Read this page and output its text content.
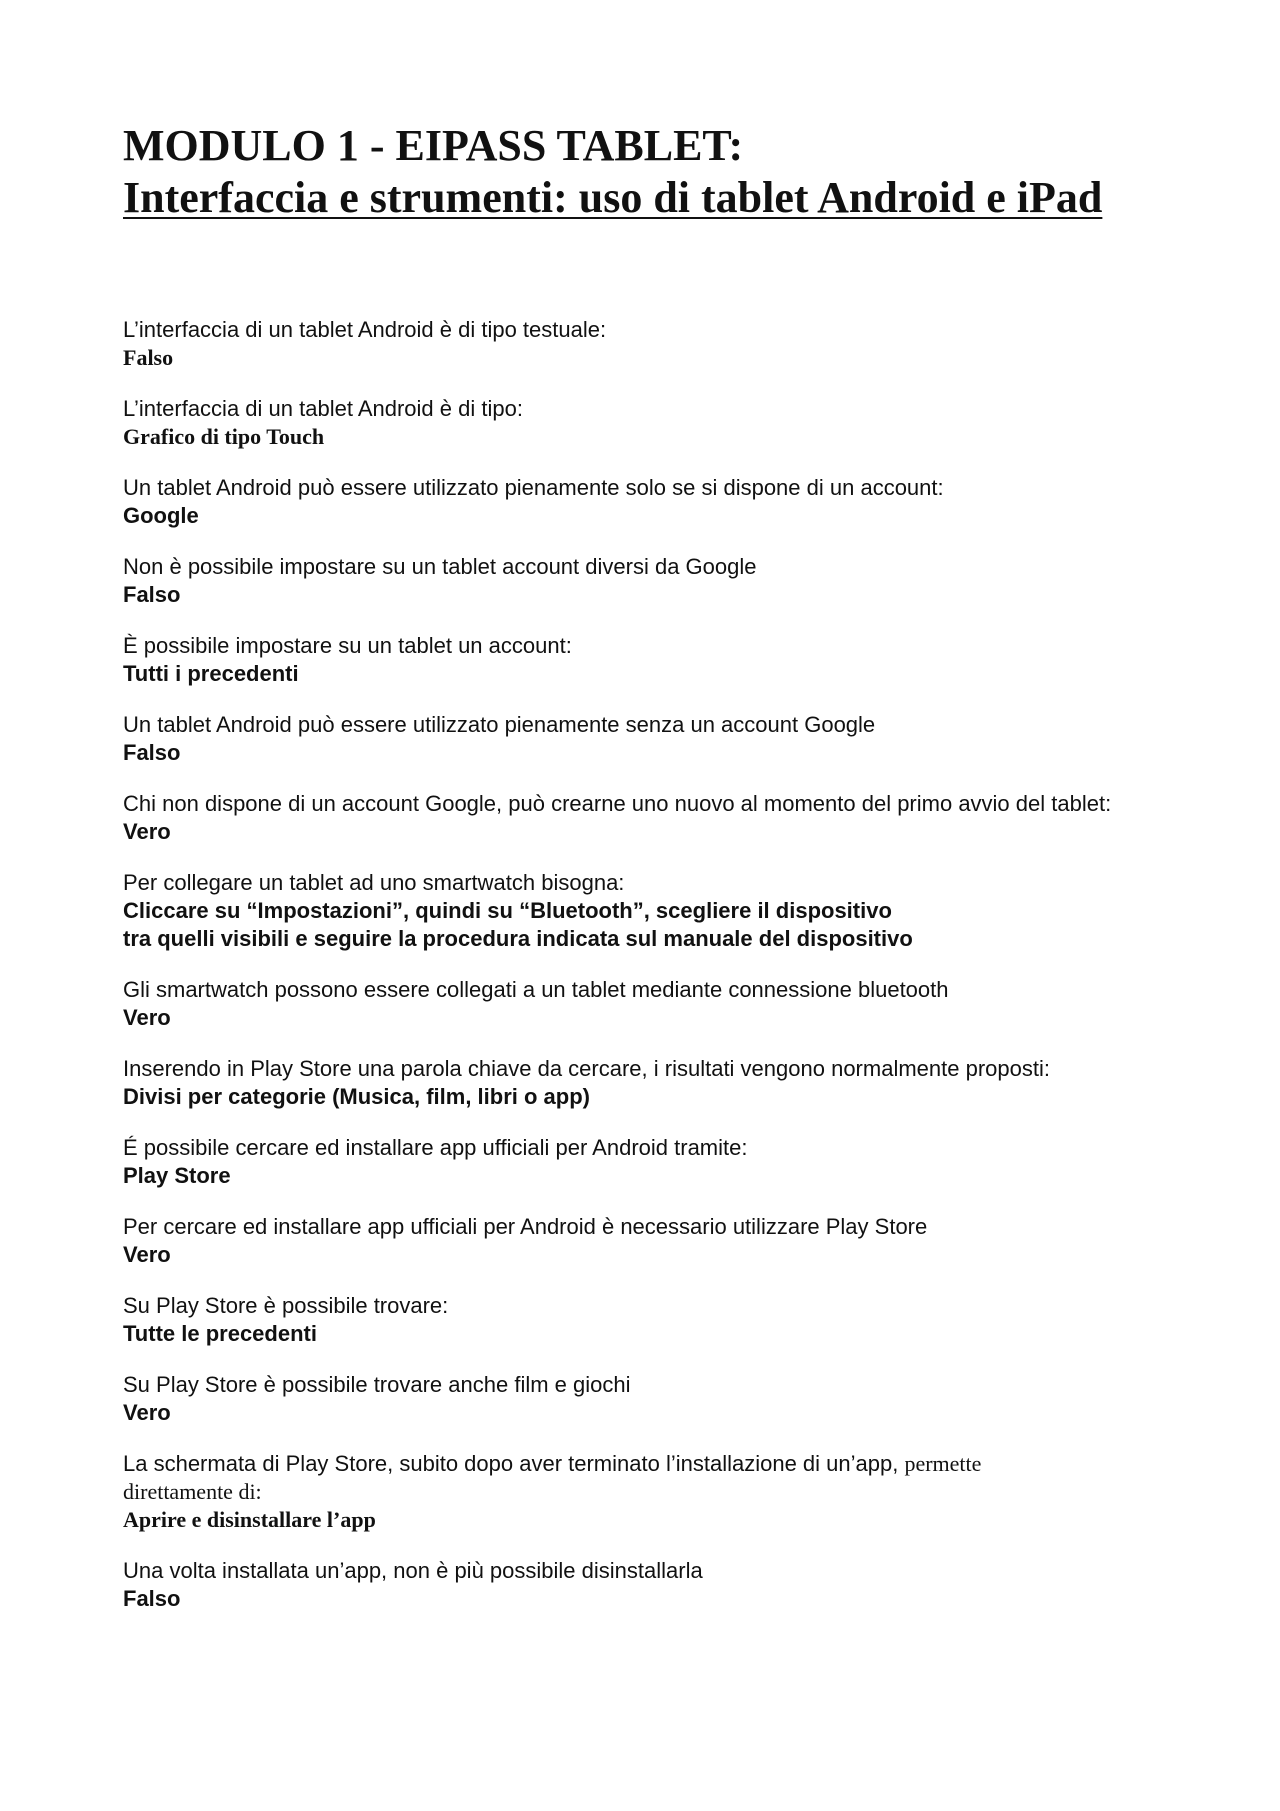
MODULO 1 - EIPASS TABLET:
Interfaccia e strumenti: uso di tablet Android e iPad
L’interfaccia di un tablet Android è di tipo testuale:
Falso
L’interfaccia di un tablet Android è di tipo:
Grafico di tipo Touch
Un tablet Android può essere utilizzato pienamente solo se si dispone di un account:
Google
Non è possibile impostare su un tablet account diversi da Google
Falso
È possibile impostare su un tablet un account:
Tutti i precedenti
Un tablet Android può essere utilizzato pienamente senza un account Google
Falso
Chi non dispone di un account Google, può crearne uno nuovo al momento del primo avvio del tablet:
Vero
Per collegare un tablet ad uno smartwatch bisogna:
Cliccare su “Impostazioni”, quindi su “Bluetooth”, scegliere il dispositivo
tra quelli visibili e seguire la procedura indicata sul manuale del dispositivo
Gli smartwatch possono essere collegati a un tablet mediante connessione bluetooth
Vero
Inserendo in Play Store una parola chiave da cercare, i risultati vengono normalmente proposti:
Divisi per categorie (Musica, film, libri o app)
É possibile cercare ed installare app ufficiali per Android tramite:
Play Store
Per cercare ed installare app ufficiali per Android è necessario utilizzare Play Store
Vero
Su Play Store è possibile trovare:
Tutte le precedenti
Su Play Store è possibile trovare anche film e giochi
Vero
La schermata di Play Store, subito dopo aver terminato l’installazione di un’app, permette
direttamente di:
Aprire e disinstallare l’app
Una volta installata un’app, non è più possibile disinstallarla
Falso
